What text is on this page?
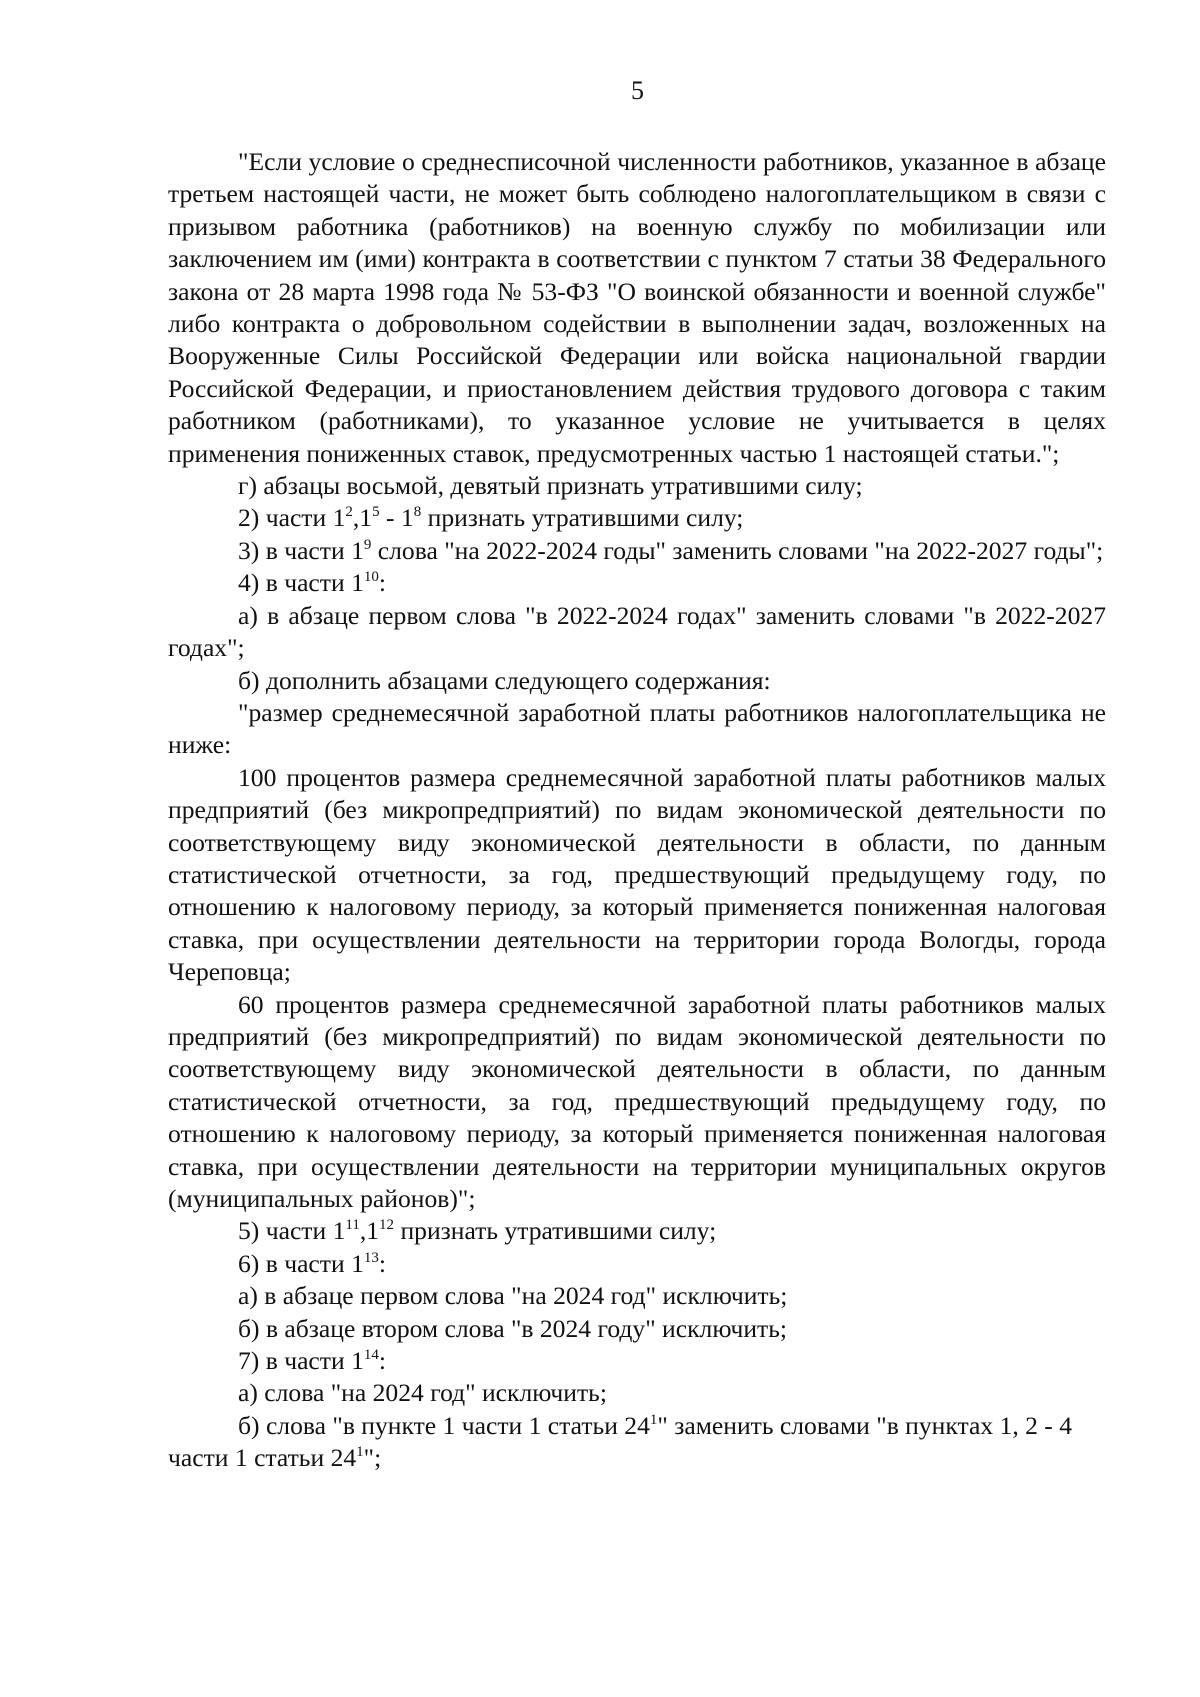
5

"Если условие о среднесписочной численности работников, указанное в абзаце третьем настоящей части, не может быть соблюдено налогоплательщиком в связи с призывом работника (работников) на военную службу по мобилизации или заключением им (ими) контракта в соответствии с пунктом 7 статьи 38 Федерального закона от 28 марта 1998 года № 53-ФЗ "О воинской обязанности и военной службе" либо контракта о добровольном содействии в выполнении задач, возложенных на Вооруженные Силы Российской Федерации или войска национальной гвардии Российской Федерации, и приостановлением действия трудового договора с таким работником (работниками), то указанное условие не учитывается в целях применения пониженных ставок, предусмотренных частью 1 настоящей статьи.";

г) абзацы восьмой, девятый признать утратившими силу;

2) части $1^2,1^5 - 1^8$ признать утратившими силу;

3) в части $1^9$ слова "на 2022-2024 годы" заменить словами "на 2022-2027 годы";

4) в части $1^{10}$:

а) в абзаце первом слова "в 2022-2024 годах" заменить словами "в 2022-2027 годах";

б) дополнить абзацами следующего содержания:

"размер среднемесячной заработной платы работников налогоплательщика не ниже:

100 процентов размера среднемесячной заработной платы работников малых предприятий (без микропредприятий) по видам экономической деятельности по соответствующему виду экономической деятельности в области, по данным статистической отчетности, за год, предшествующий предыдущему году, по отношению к налоговому периоду, за который применяется пониженная налоговая ставка, при осуществлении деятельности на территории города Вологды, города Череповца;

60 процентов размера среднемесячной заработной платы работников малых предприятий (без микропредприятий) по видам экономической деятельности по соответствующему виду экономической деятельности в области, по данным статистической отчетности, за год, предшествующий предыдущему году, по отношению к налоговому периоду, за который применяется пониженная налоговая ставка, при осуществлении деятельности на территории муниципальных округов (муниципальных районов)";

5) части $1^{11},1^{12}$ признать утратившими силу;

6) в части $1^{13}$:

а) в абзаце первом слова "на 2024 год" исключить;

б) в абзаце втором слова "в 2024 году" исключить;

7) в части $1^{14}$:

а) слова "на 2024 год" исключить;

б) слова "в пункте 1 части 1 статьи $24^1$" заменить словами "в пунктах 1, 2 - 4 части 1 статьи $24^1$";
